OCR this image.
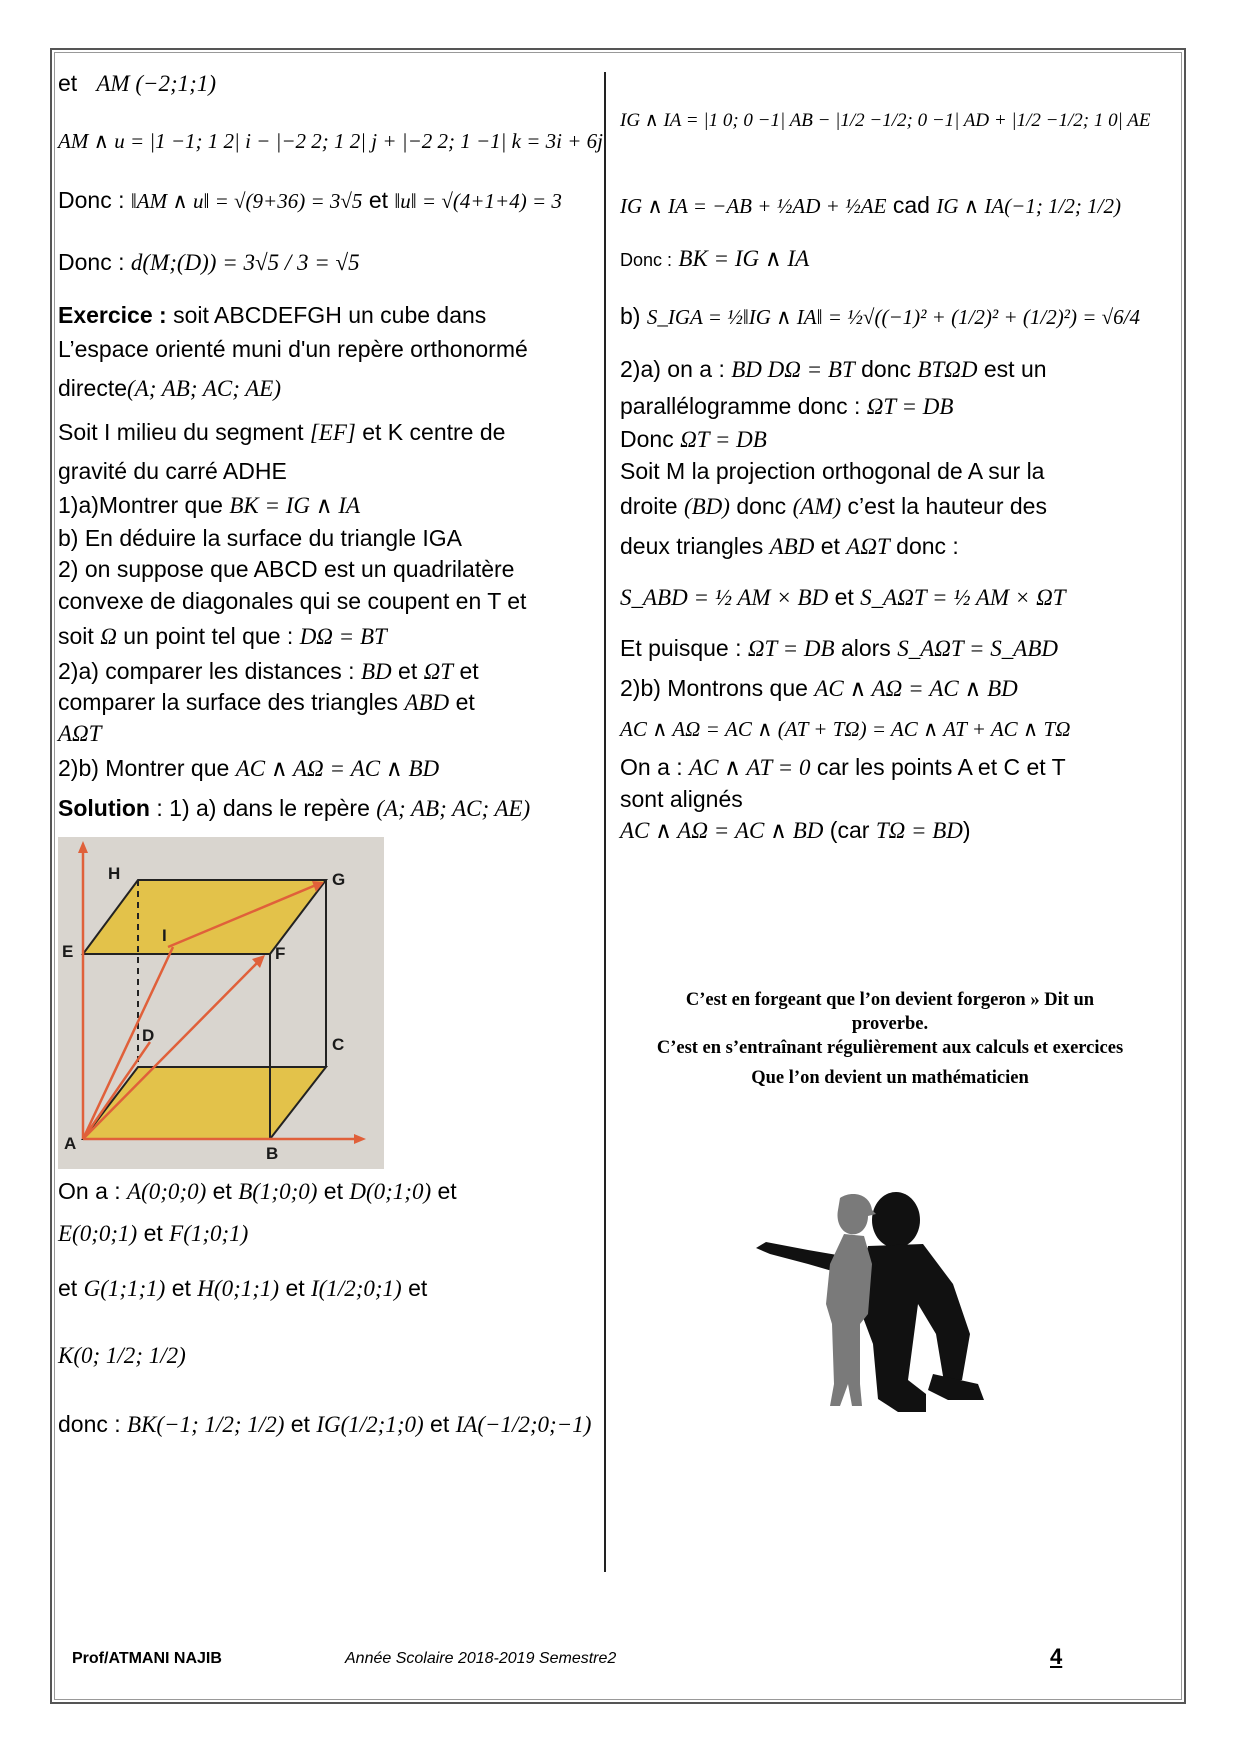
et AM (−2;1;1)

AM ∧ u = |1 −1; 1 2| i − |−2 2; 1 2| j + |−2 2; 1 −1| k = 3i + 6j

Donc : ‖AM ∧ u‖ = √(9+36) = 3√5 et ‖u‖ = √(4+1+4) = 3

Donc : d(M;(D)) = 3√5 / 3 = √5

Exercice : soit ABCDEFGH un cube dans

L’espace orienté muni d'un repère orthonormé

directe(A; AB; AC; AE)

Soit I milieu du segment [EF] et K centre de

gravité du carré ADHE

1)a)Montrer que BK = IG ∧ IA

b) En déduire la surface du triangle IGA

2) on suppose que ABCD est un quadrilatère

convexe de diagonales qui se coupent en T et

soit Ω un point tel que : DΩ = BT

2)a) comparer les distances : BD et ΩT et

comparer la surface des triangles ABD et

AΩT

2)b) Montrer que AC ∧ AΩ = AC ∧ BD

Solution : 1) a) dans le repère (A; AB; AC; AE)

H	G
E
I
F
D	C
A
B

On a : A(0;0;0) et B(1;0;0) et D(0;1;0) et

E(0;0;1) et F(1;0;1)

et G(1;1;1) et H(0;1;1) et I(1/2;0;1) et

K(0; 1/2; 1/2)

donc : BK(−1; 1/2; 1/2) et IG(1/2;1;0) et IA(−1/2;0;−1)

IG ∧ IA = |1 0; 0 −1| AB − |1/2 −1/2; 0 −1| AD + |1/2 −1/2; 1 0| AE

IG ∧ IA = −AB + ½AD + ½AE cad IG ∧ IA(−1; 1/2; 1/2)

Donc : BK = IG ∧ IA

b) S_IGA = ½‖IG ∧ IA‖ = ½√((−1)² + (1/2)² + (1/2)²) = √6/4

2)a) on a : BD DΩ = BT donc BTΩD est un

parallélogramme donc : ΩT = DB

Donc ΩT = DB

Soit M la projection orthogonal de A sur la

droite (BD) donc (AM) c’est la hauteur des

deux triangles ABD et AΩT donc :

S_ABD = ½ AM × BD et S_AΩT = ½ AM × ΩT

Et puisque : ΩT = DB alors S_AΩT = S_ABD

2)b) Montrons que AC ∧ AΩ = AC ∧ BD

AC ∧ AΩ = AC ∧ (AT + TΩ) = AC ∧ AT + AC ∧ TΩ

On a : AC ∧ AT = 0 car les points A et C et T

sont alignés

AC ∧ AΩ = AC ∧ BD (car TΩ = BD)

C’est en forgeant que l’on devient forgeron » Dit un
proverbe.
C’est en s’entraînant régulièrement aux calculs et exercices
Que l’on devient un mathématicien
Prof/ATMANI NAJIB	Année Scolaire 2018-2019 Semestre2	4
